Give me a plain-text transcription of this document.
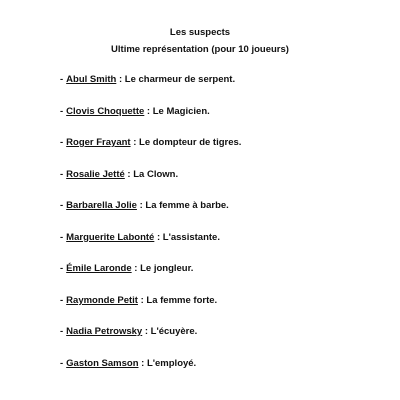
Les suspects
Ultime représentation (pour 10 joueurs)
- Abul Smith : Le charmeur de serpent.
- Clovis Choquette : Le Magicien.
- Roger Frayant : Le dompteur de tigres.
- Rosalie Jetté : La Clown.
- Barbarella Jolie : La femme à barbe.
- Marguerite Labonté : L'assistante.
- Émile Laronde : Le jongleur.
- Raymonde Petit : La femme forte.
- Nadia Petrowsky : L'écuyère.
- Gaston Samson : L'employé.
